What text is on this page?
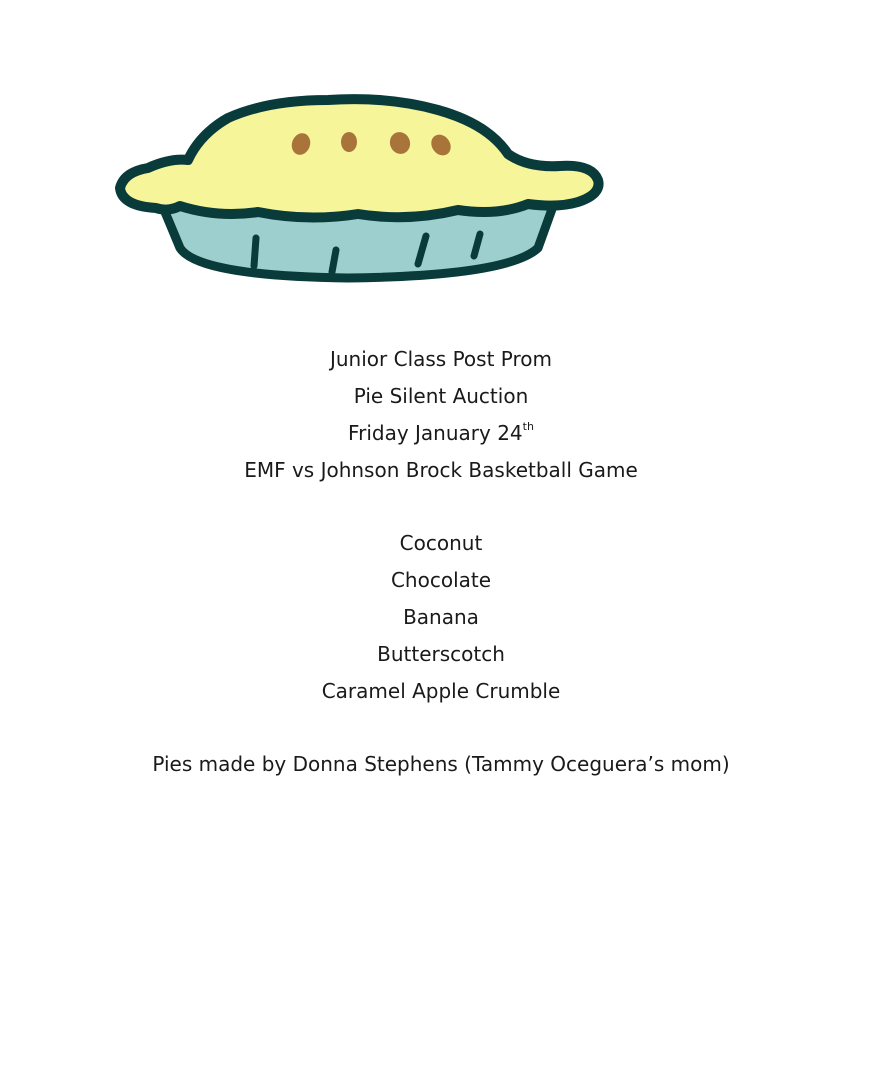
Junior Class Post Prom
Pie Silent Auction
Friday January 24th
EMF vs Johnson Brock Basketball Game
Coconut
Chocolate
Banana
Butterscotch
Caramel Apple Crumble
Pies made by Donna Stephens (Tammy Oceguera’s mom)
